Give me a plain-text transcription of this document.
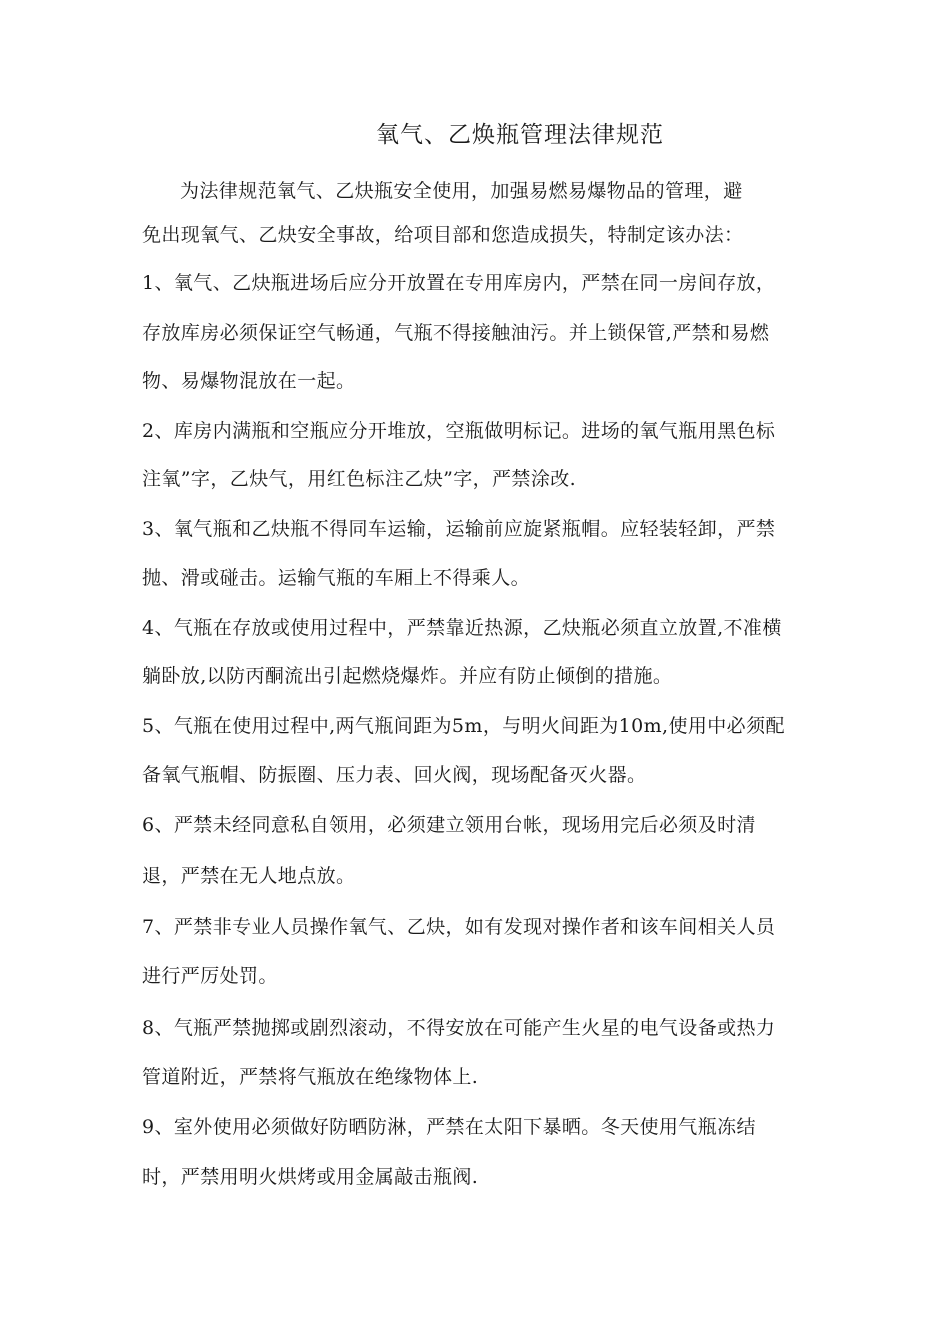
氧气、乙焕瓶管理法律规范
为法律规范氧气、乙炔瓶安全使用，加强易燃易爆物品的管理，避
免出现氧气、乙炔安全事故，给项目部和您造成损失，特制定该办法：
1、氧气、乙炔瓶进场后应分开放置在专用库房内，严禁在同一房间存放，
存放库房必须保证空气畅通，气瓶不得接触油污。并上锁保管,严禁和易燃
物、易爆物混放在一起。
2、库房内满瓶和空瓶应分开堆放，空瓶做明标记。进场的氧气瓶用黑色标
注氧”字，乙炔气，用红色标注乙炔”字，严禁涂改.
3、氧气瓶和乙炔瓶不得同车运输，运输前应旋紧瓶帽。应轻装轻卸，严禁
抛、滑或碰击。运输气瓶的车厢上不得乘人。
4、气瓶在存放或使用过程中，严禁靠近热源，乙炔瓶必须直立放置,不准横
躺卧放,以防丙酮流出引起燃烧爆炸。并应有防止倾倒的措施。
5、气瓶在使用过程中,两气瓶间距为5m，与明火间距为10m,使用中必须配
备氧气瓶帽、防振圈、压力表、回火阀，现场配备灭火器。
6、严禁未经同意私自领用，必须建立领用台帐，现场用完后必须及时清
退，严禁在无人地点放。
7、严禁非专业人员操作氧气、乙炔，如有发现对操作者和该车间相关人员
进行严厉处罚。
8、气瓶严禁抛掷或剧烈滚动，不得安放在可能产生火星的电气设备或热力
管道附近，严禁将气瓶放在绝缘物体上.
9、室外使用必须做好防晒防淋，严禁在太阳下暴晒。冬天使用气瓶冻结
时，严禁用明火烘烤或用金属敲击瓶阀.
